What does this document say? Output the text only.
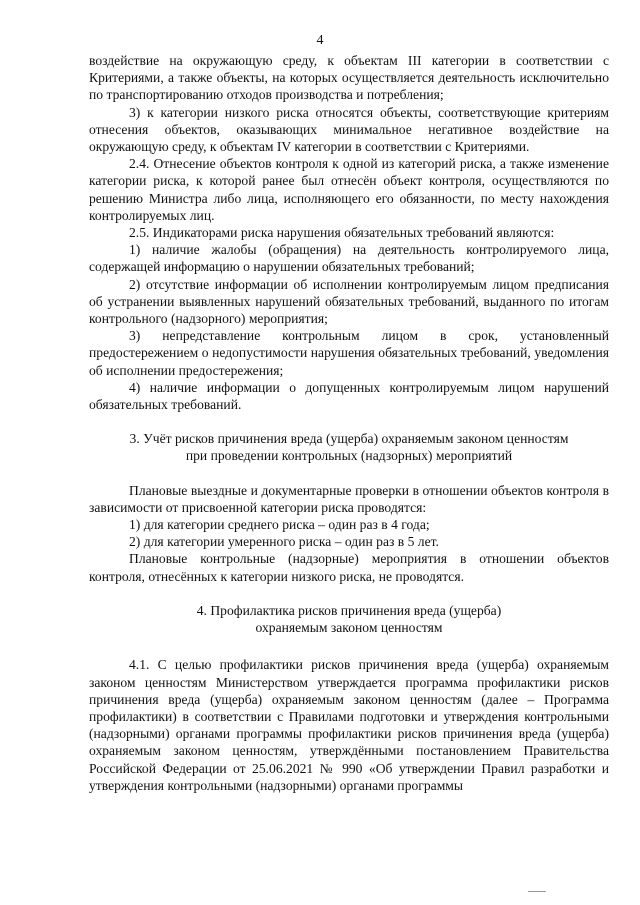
4

воздействие на окружающую среду, к объектам III категории в соответствии с Критериями, а также объекты, на которых осуществляется деятельность исключительно по транспортированию отходов производства и потребления;

3) к категории низкого риска относятся объекты, соответствующие критериям отнесения объектов, оказывающих минимальное негативное воздействие на окружающую среду, к объектам IV категории в соответствии с Критериями.

2.4. Отнесение объектов контроля к одной из категорий риска, а также изменение категории риска, к которой ранее был отнесён объект контроля, осуществляются по решению Министра либо лица, исполняющего его обязанности, по месту нахождения контролируемых лиц.

2.5. Индикаторами риска нарушения обязательных требований являются:

1) наличие жалобы (обращения) на деятельность контролируемого лица, содержащей информацию о нарушении обязательных требований;

2) отсутствие информации об исполнении контролируемым лицом предписания об устранении выявленных нарушений обязательных требований, выданного по итогам контрольного (надзорного) мероприятия;

3) непредставление контрольным лицом в срок, установленный предостережением о недопустимости нарушения обязательных требований, уведомления об исполнении предостережения;

4) наличие информации о допущенных контролируемым лицом нарушений обязательных требований.

3. Учёт рисков причинения вреда (ущерба) охраняемым законом ценностям

при проведении контрольных (надзорных) мероприятий

Плановые выездные и документарные проверки в отношении объектов контроля в зависимости от присвоенной категории риска проводятся:

1) для категории среднего риска – один раз в 4 года;

2) для категории умеренного риска – один раз в 5 лет.

Плановые контрольные (надзорные) мероприятия в отношении объектов контроля, отнесённых к категории низкого риска, не проводятся.

4. Профилактика рисков причинения вреда (ущерба)

охраняемым законом ценностям

4.1. С целью профилактики рисков причинения вреда (ущерба) охраняемым законом ценностям Министерством утверждается программа профилактики рисков причинения вреда (ущерба) охраняемым законом ценностям (далее – Программа профилактики) в соответствии с Правилами подготовки и утверждения контрольными (надзорными) органами программы профилактики рисков причинения вреда (ущерба) охраняемым законом ценностям, утверждёнными постановлением Правительства Российской Федерации от 25.06.2021 № 990 «Об утверждении Правил разработки и утверждения контрольными (надзорными) органами программы
